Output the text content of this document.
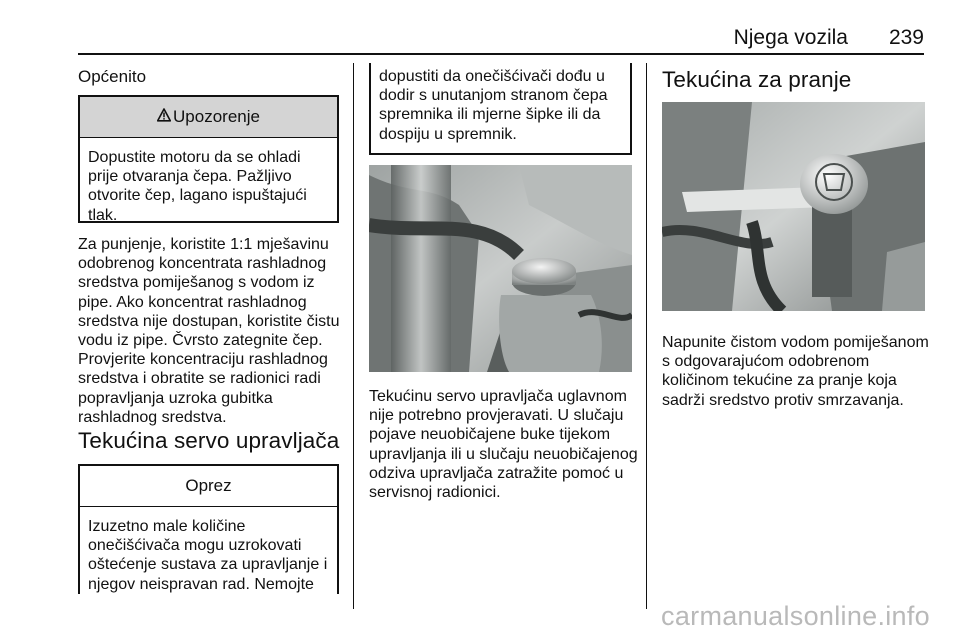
Njega vozila 239
Općenito
Upozorenje
Dopustite motoru da se ohladi prije otvaranja čepa. Pažljivo otvorite čep, lagano ispuštajući tlak.
Za punjenje, koristite 1:1 mješavinu odobrenog koncentrata rashladnog sredstva pomiješanog s vodom iz pipe. Ako koncentrat rashladnog sredstva nije dostupan, koristite čistu vodu iz pipe. Čvrsto zategnite čep. Provjerite koncentraciju rashladnog sredstva i obratite se radionici radi popravljanja uzroka gubitka rashladnog sredstva.
Tekućina servo upravljača
Oprez
Izuzetno male količine onečišćivača mogu uzrokovati oštećenje sustava za upravljanje i njegov neispravan rad. Nemojte
dopustiti da onečišćivači dođu u dodir s unutanjom stranom čepa spremnika ili mjerne šipke ili da dospiju u spremnik.
Tekućinu servo upravljača uglavnom nije potrebno provjeravati. U slučaju pojave neuobičajene buke tijekom upravljanja ili u slučaju neuobičajenog odziva upravljača zatražite pomoć u servisnoj radionici.
Tekućina za pranje
Napunite čistom vodom pomiješanom s odgovarajućom odobrenom količinom tekućine za pranje koja sadrži sredstvo protiv smrzavanja.
carmanualsonline.info
